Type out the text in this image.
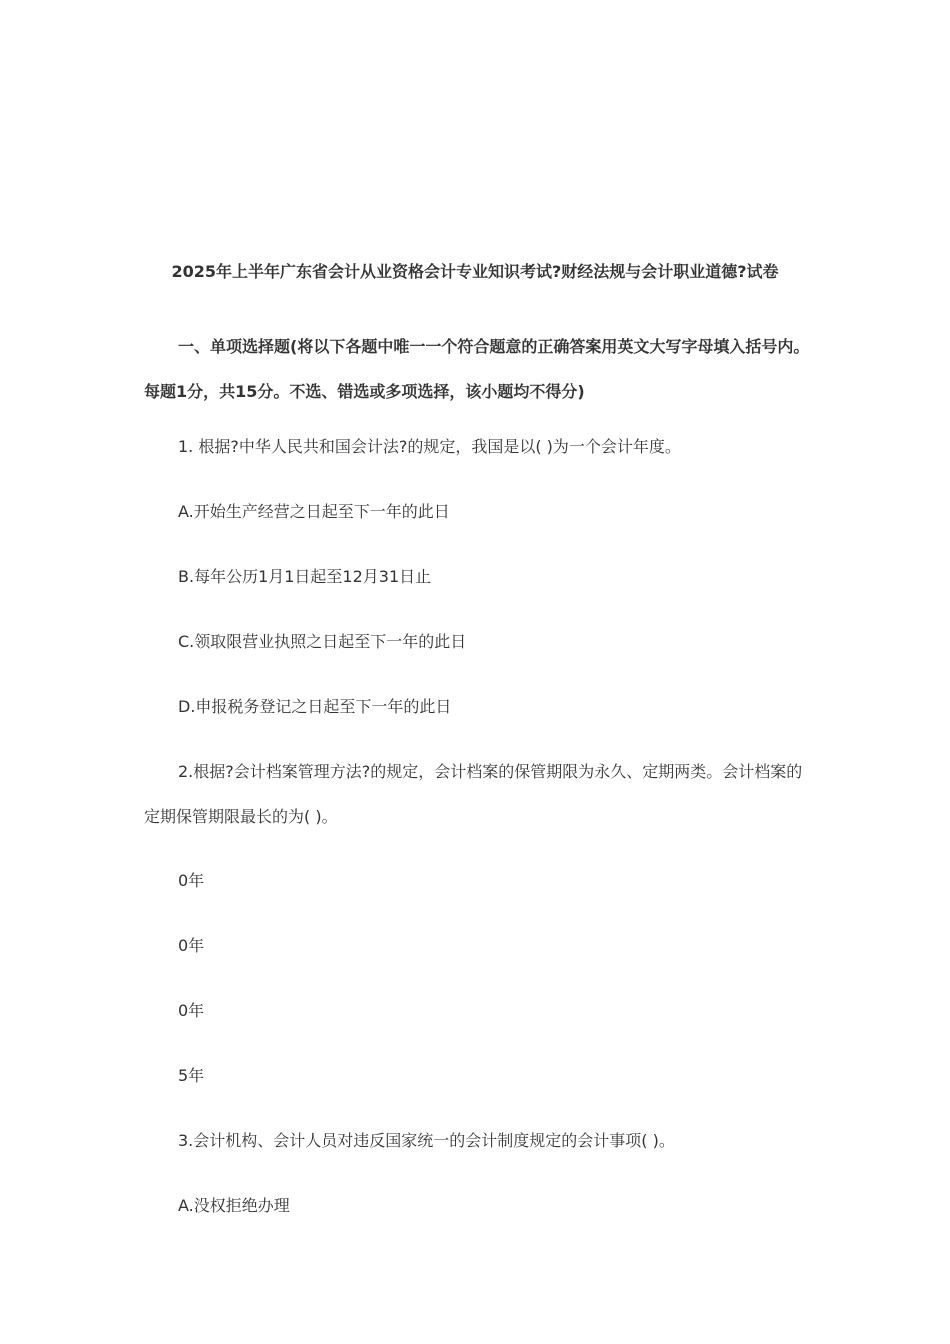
2025年上半年广东省会计从业资格会计专业知识考试?财经法规与会计职业道德?试卷

一、单项选择题(将以下各题中唯一一个符合题意的正确答案用英文大写字母填入括号内。每题1分，共15分。不选、错选或多项选择，该小题均不得分)

1. 根据?中华人民共和国会计法?的规定，我国是以( )为一个会计年度。

A.开始生产经营之日起至下一年的此日

B.每年公历1月1日起至12月31日止

C.领取限营业执照之日起至下一年的此日

D.申报税务登记之日起至下一年的此日

2.根据?会计档案管理方法?的规定，会计档案的保管期限为永久、定期两类。会计档案的定期保管期限最长的为( )。

0年

0年

0年

5年

3.会计机构、会计人员对违反国家统一的会计制度规定的会计事项( )。

A.没权拒绝办理
